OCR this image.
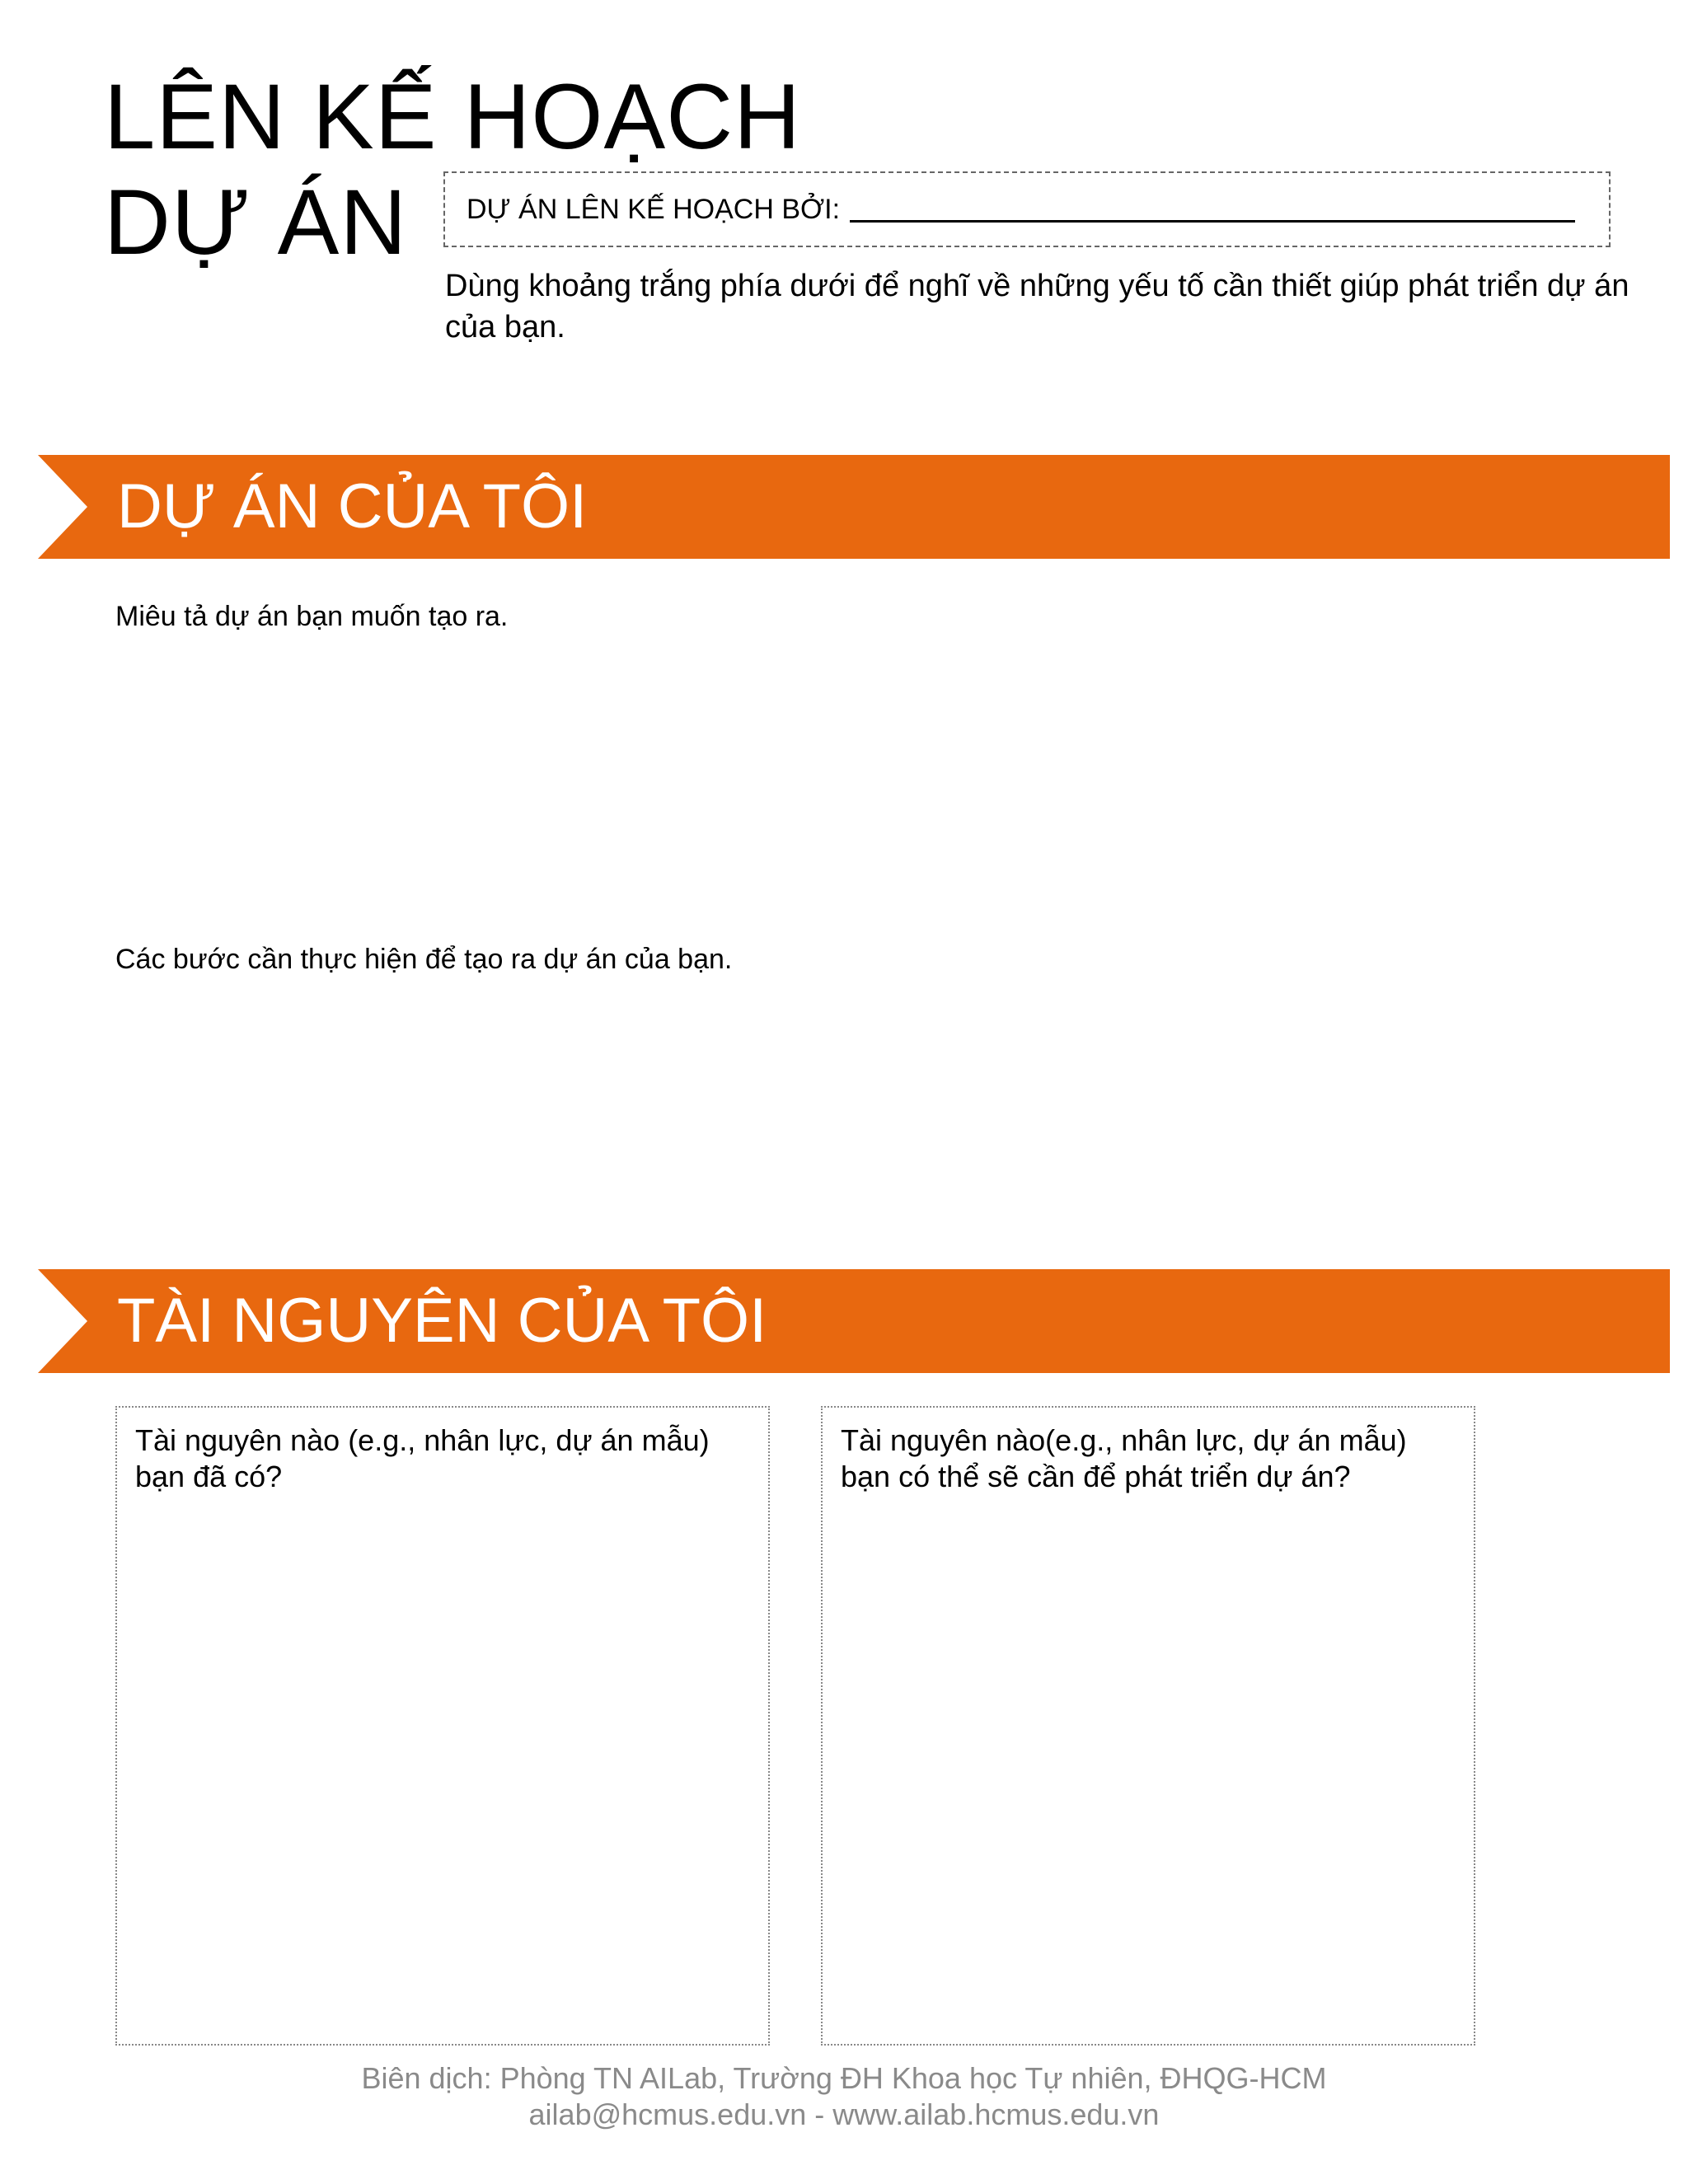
LÊN KẾ HOẠCH
DỰ ÁN	DỰ ÁN LÊN KẾ HOẠCH BỞI:

Dùng khoảng trắng phía dưới để nghĩ về những yếu tố cần thiết giúp phát triển dự án của bạn.

DỰ ÁN CỦA TÔI

Miêu tả dự án bạn muốn tạo ra.

Các bước cần thực hiện để tạo ra dự án của bạn.

TÀI NGUYÊN CỦA TÔI

Tài nguyên nào (e.g., nhân lực, dự án mẫu) bạn đã có?

Tài nguyên nào(e.g., nhân lực, dự án mẫu) bạn có thể sẽ cần để phát triển dự án?

Biên dịch: Phòng TN AILab, Trường ĐH Khoa học Tự nhiên, ĐHQG-HCM

ailab@hcmus.edu.vn - www.ailab.hcmus.edu.vn
